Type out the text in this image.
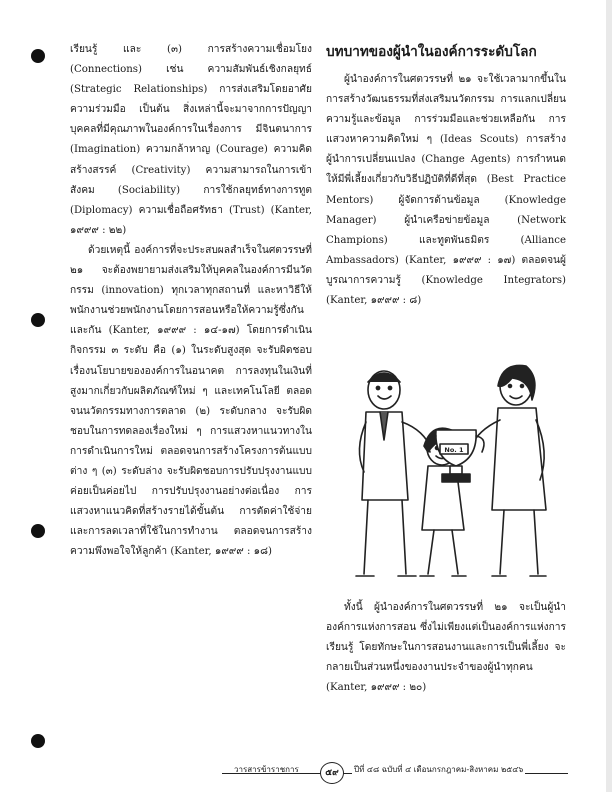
เรียนรู้ และ (๓) การสร้างความเชื่อมโยง (Connections) เช่น ความสัมพันธ์เชิงกลยุทธ์ (Strategic Relationships) การส่งเสริมโดยอาศัยความร่วมมือ เป็นต้น สิ่งเหล่านี้จะมาจากการปัญญาบุคคลที่มีคุณภาพในองค์การในเรื่องการ มีจินตนาการ (Imagination) ความกล้าหาญ (Courage) ความคิดสร้างสรรค์ (Creativity) ความสามารถในการเข้าสังคม (Sociability) การใช้กลยุทธ์ทางการทูต (Diplomacy) ความเชื่อถือศรัทธา (Trust) (Kanter, ๑๙๙๙ : ๒๒)

ด้วยเหตุนี้ องค์การที่จะประสบผลสำเร็จในศตวรรษที่ ๒๑ จะต้องพยายามส่งเสริมให้บุคคลในองค์การมีนวัตกรรม (innovation) ทุกเวลาทุกสถานที่ และหาวิธีให้พนักงานช่วยพนักงานโดยการสอนหรือให้ความรู้ซึ่งกันและกัน (Kanter, ๑๙๙๙ : ๑๔-๑๗) โดยการดำเนินกิจกรรม ๓ ระดับ คือ (๑) ในระดับสูงสุด จะรับผิดชอบเรื่องนโยบายขององค์การในอนาคต การลงทุนในเงินที่สูงมากเกี่ยวกับผลิตภัณฑ์ใหม่ ๆ และเทคโนโลยี ตลอดจนนวัตกรรมทางการตลาด (๒) ระดับกลาง จะรับผิดชอบในการทดลองเรื่องใหม่ ๆ การแสวงหาแนวทางในการดำเนินการใหม่ ตลอดจนการสร้างโครงการต้นแบบต่าง ๆ (๓) ระดับล่าง จะรับผิดชอบการปรับปรุงงานแบบค่อยเป็นค่อยไป การปรับปรุงงานอย่างต่อเนื่อง การแสวงหาแนวคิดที่สร้างรายได้ขั้นต้น การตัดค่าใช้จ่ายและการลดเวลาที่ใช้ในการทำงาน ตลอดจนการสร้างความพึงพอใจให้ลูกค้า (Kanter, ๑๙๙๙ : ๑๘)

บทบาทของผู้นำในองค์การระดับโลก

ผู้นำองค์การในศตวรรษที่ ๒๑ จะใช้เวลามากขึ้นในการสร้างวัฒนธรรมที่ส่งเสริมนวัตกรรม การแลกเปลี่ยนความรู้และข้อมูล การร่วมมือและช่วยเหลือกัน การแสวงหาความคิดใหม่ ๆ (Ideas Scouts) การสร้างผู้นำการเปลี่ยนแปลง (Change Agents) การกำหนดให้มีพี่เลี้ยงเกี่ยวกับวิธีปฏิบัติที่ดีที่สุด (Best Practice Mentors) ผู้จัดการด้านข้อมูล (Knowledge Manager) ผู้นำเครือข่ายข้อมูล (Network Champions) และทูตพันธมิตร (Alliance Ambassadors) (Kanter, ๑๙๙๙ : ๑๗) ตลอดจนผู้บูรณาการความรู้ (Knowledge Integrators) (Kanter, ๑๙๙๙ : ๘)

No. 1

ทั้งนี้ ผู้นำองค์การในศตวรรษที่ ๒๑ จะเป็นผู้นำองค์การแห่งการสอน ซึ่งไม่เพียงแต่เป็นองค์การแห่งการเรียนรู้ โดยทักษะในการสอนงานและการเป็นพี่เลี้ยง จะกลายเป็นส่วนหนึ่งของงานประจำของผู้นำทุกคน (Kanter, ๑๙๙๙ : ๒๐)

วารสารข้าราชการ	๕๙	ปีที่ ๔๘ ฉบับที่ ๔ เดือนกรกฎาคม-สิงหาคม ๒๕๔๖
